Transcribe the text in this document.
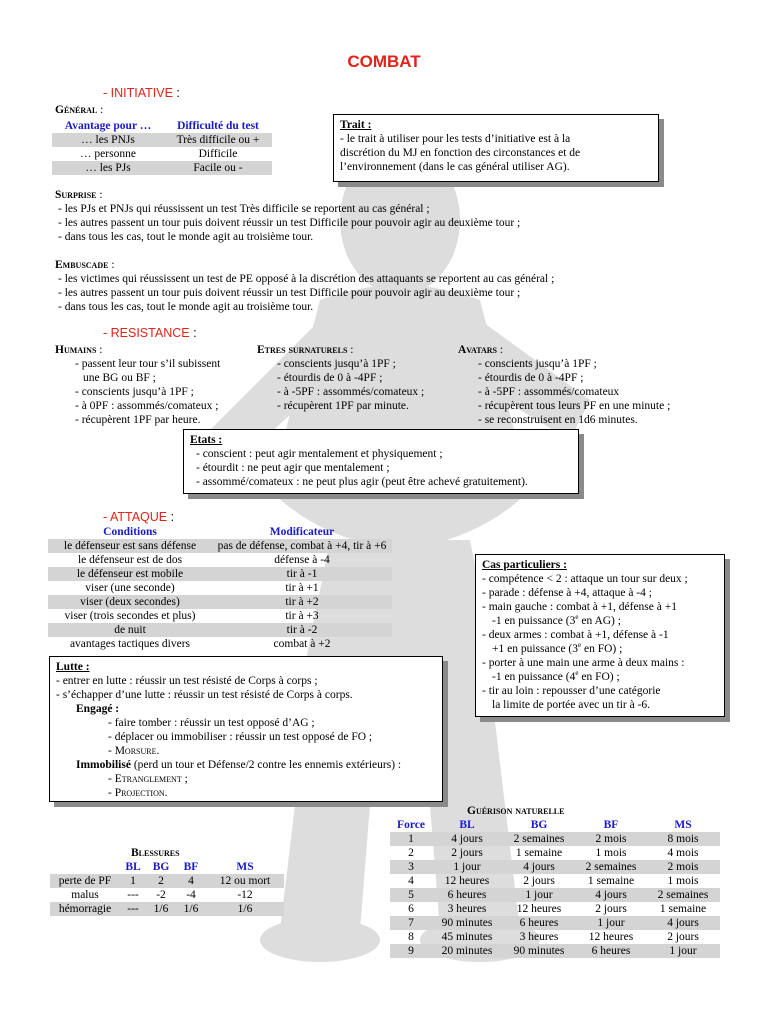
COMBAT
- INITIATIVE :
Général :
Avantage pour …	Difficulté du test
… les PNJs	Très difficile ou +
… personne	Difficile
… les PJs	Facile ou -
Trait :
- le trait à utiliser pour les tests d’initiative est à la
discrétion du MJ en fonction des circonstances et de
l’environnement (dans le cas général utiliser AG).
Surprise :
- les PJs et PNJs qui réussissent un test Très difficile se reportent au cas général ;
- les autres passent un tour puis doivent réussir un test Difficile pour pouvoir agir au deuxième tour ;
- dans tous les cas, tout le monde agit au troisième tour.
Embuscade :
- les victimes qui réussissent un test de PE opposé à la discrétion des attaquants se reportent au cas général ;
- les autres passent un tour puis doivent réussir un test Difficile pour pouvoir agir au deuxième tour ;
- dans tous les cas, tout le monde agit au troisième tour.
- RESISTANCE :
Humains :
- passent leur tour s’il subissent
une BG ou BF ;
- conscients jusqu’à 1PF ;
- à 0PF : assommés/comateux ;
- récupèrent 1PF par heure.
Etres surnaturels :
- conscients jusqu’à 1PF ;
- étourdis de 0 à -4PF ;
- à -5PF : assommés/comateux ;
- récupèrent 1PF par minute.
Avatars :
- conscients jusqu’à 1PF ;
- étourdis de 0 à -4PF ;
- à -5PF : assommés/comateux
- récupèrent tous leurs PF en une minute ;
- se reconstruisent en 1d6 minutes.
Etats :
- conscient : peut agir mentalement et physiquement ;
- étourdit : ne peut agir que mentalement ;
- assommé/comateux : ne peut plus agir (peut être achevé gratuitement).
- ATTAQUE :
Conditions	Modificateur
le défenseur est sans défense	pas de défense, combat à +4, tir à +6
le défenseur est de dos	défense à -4
le défenseur est mobile	tir à -1
viser (une seconde)	tir à +1
viser (deux secondes)	tir à +2
viser (trois secondes et plus)	tir à +3
de nuit	tir à -2
avantages tactiques divers	combat à +2
Cas particuliers :
- compétence < 2 : attaque un tour sur deux ;
- parade : défense à +4, attaque à -4 ;
- main gauche : combat à +1, défense à +1
-1 en puissance (3e en AG) ;
- deux armes : combat à +1, défense à -1
+1 en puissance (3e en FO) ;
- porter à une main une arme à deux mains :
-1 en puissance (4e en FO) ;
- tir au loin : repousser d’une catégorie
la limite de portée avec un tir à -6.
Lutte :
- entrer en lutte : réussir un test résisté de Corps à corps ;
- s’échapper d’une lutte : réussir un test résisté de Corps à corps.
Engagé :
- faire tomber : réussir un test opposé d’AG ;
- déplacer ou immobiliser : réussir un test opposé de FO ;
- Morsure.
Immobilisé (perd un tour et Défense/2 contre les ennemis extérieurs) :
- Etranglement ;
- Projection.
Blessures
	BL	BG	BF	MS
perte de PF	1	2	4	12 ou mort
malus	---	-2	-4	-12
hémorragie	---	1/6	1/6	1/6
Guérison naturelle
Force	BL	BG	BF	MS
1	4 jours	2 semaines	2 mois	8 mois
2	2 jours	1 semaine	1 mois	4 mois
3	1 jour	4 jours	2 semaines	2 mois
4	12 heures	2 jours	1 semaine	1 mois
5	6 heures	1 jour	4 jours	2 semaines
6	3 heures	12 heures	2 jours	1 semaine
7	90 minutes	6 heures	1 jour	4 jours
8	45 minutes	3 heures	12 heures	2 jours
9	20 minutes	90 minutes	6 heures	1 jour
